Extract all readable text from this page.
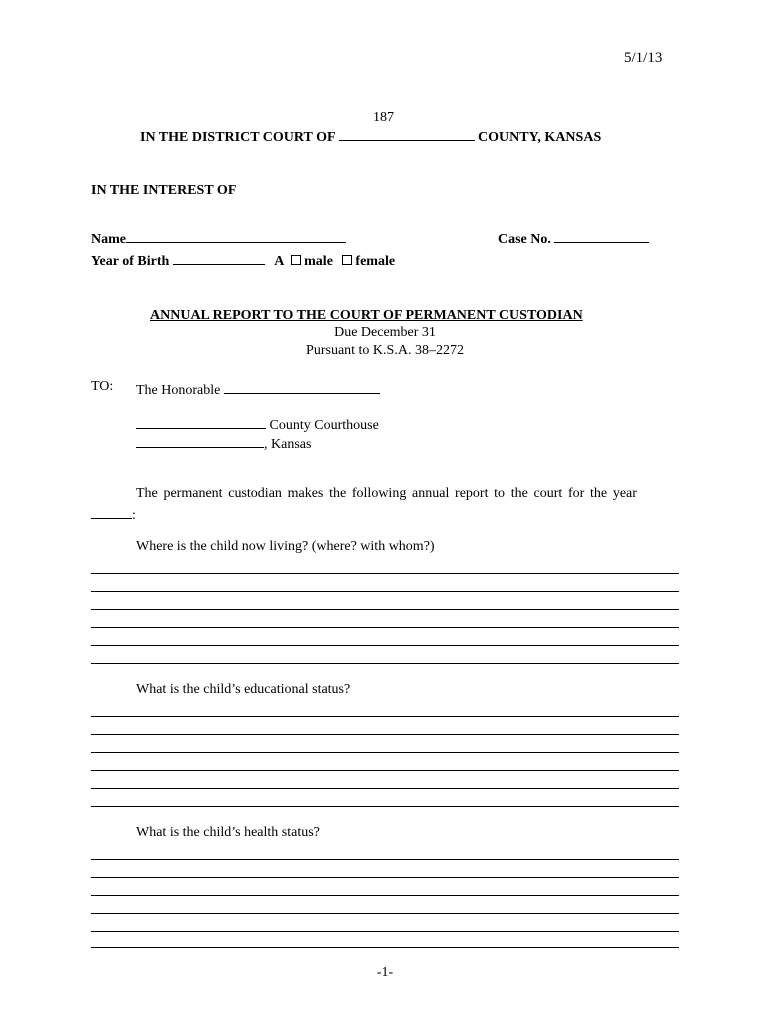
5/1/13
187
IN THE DISTRICT COURT OF	COUNTY, KANSAS
IN THE INTEREST OF
Name	Case No.
Year of Birth	A male female
ANNUAL REPORT TO THE COURT OF PERMANENT CUSTODIAN
Due December 31
Pursuant to K.S.A. 38–2272
TO: The Honorable
County Courthouse
, Kansas
The permanent custodian makes the following annual report to the court for the year
:
Where is the child now living? (where? with whom?)
What is the child’s educational status?
What is the child’s health status?
-1-
